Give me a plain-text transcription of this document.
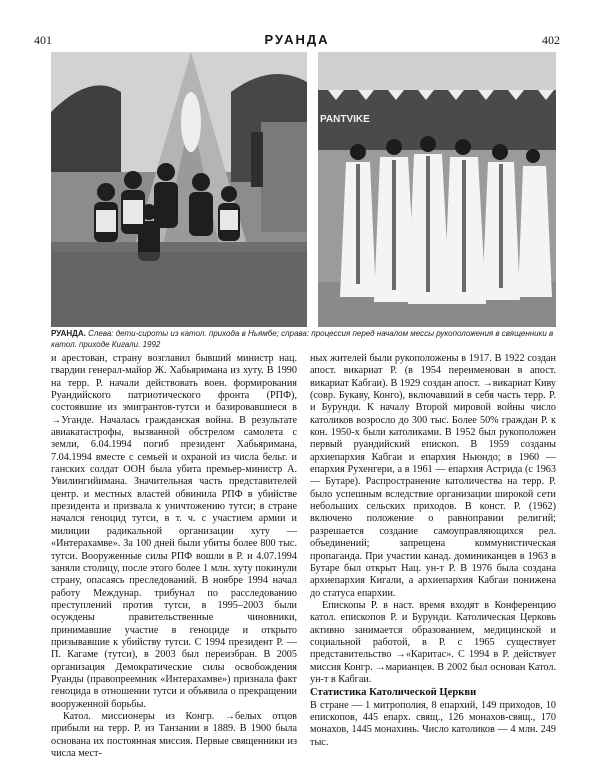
401	РУАНДА	402
PANTVIKE
РУАНДА. Слева: дети-сироты из катол. прихода в Ньямбе; справа: процессия перед началом мессы рукоположения в священники в катол. приходе Кигали. 1992

и арестован, страну возглавил бывший министр нац. гвардии генерал-майор Ж. Хабьяримана из хуту. В 1990 на терр. Р. начали действовать воен. формирования Руандийского патриотического фронта (РПФ), состоявшие из эмигрантов-тутси и базировавшиеся в →Уганде. Началась гражданская война. В результате авиакатастрофы, вызванной обстрелом самолета с земли, 6.04.1994 погиб президент Хабьяримана, 7.04.1994 вместе с семьей и охраной из числа бельг. и ганских солдат ООН была убита премьер-министр А. Увилингийимана. Значительная часть представителей центр. и местных властей обвинила РПФ в убийстве президента и призвала к уничтожению тутси; в стране начался геноцид тутси, в т. ч. с участием армии и милиции радикальной организации хуту — «Интерахамве». За 100 дней были убиты более 800 тыс. тутси. Вооруженные силы РПФ вошли в Р. и 4.07.1994 заняли столицу, после этого более 1 млн. хуту покинули страну, опасаясь преследований. В ноябре 1994 начал работу Междунар. трибунал по расследованию преступлений против тутси, в 1995–2003 были осуждены правительственные чиновники, принимавшие участие в геноциде и открыто призывавшие к убийству тутси. С 1994 президент Р. — П. Кагаме (тутси), в 2003 был переизбран. В 2005 организация Демократические силы освобождения Руанды (правопреемник «Интерахамве») признала факт геноцида в отношении тутси и объявила о прекращении вооруженной борьбы.

Катол. миссионеры из Конгр. →белых отцов прибыли на терр. Р. из Танзании в 1889. В 1900 была основана их постоянная миссия. Первые священники из числа мест-

ных жителей были рукоположены в 1917. В 1922 создан апост. викариат Р. (в 1954 переименован в апост. викариат Кабгаи). В 1929 создан апост. →викариат Киву (совр. Букаву, Конго), включавший в себя часть терр. Р. и Бурунди. К началу Второй мировой войны число католиков возросло до 300 тыс. Более 50% граждан Р. к кон. 1950-х были католиками. В 1952 был рукоположен первый руандийский епископ. В 1959 созданы архиепархия Кабгаи и епархия Ньюндо; в 1960 — епархия Рухенгери, а в 1961 — епархия Астрида (с 1963 — Бутаре). Распространение католичества на терр. Р. было успешным вследствие организации широкой сети небольших сельских приходов. В конст. Р. (1962) включено положение о равноправии религий; разрешается создание самоуправляющихся рел. объединений; запрещена коммунистическая пропаганда. При участии канад. доминиканцев в 1963 в Бутаре был открыт Нац. ун-т Р. В 1976 была создана архиепархия Кигали, а архиепархия Кабгаи понижена до статуса епархии.

Епископы Р. в наст. время входят в Конференцию катол. епископов Р. и Бурунди. Католическая Церковь активно занимается образованием, медицинской и социальной работой, в Р. с 1965 существует представительство →«Каритас». С 1994 в Р. действует миссия Конгр. →марианцев. В 2002 был основан Катол. ун-т в Кабгаи.

Статистика Католической Церкви

В стране — 1 митрополия, 8 епархий, 149 приходов, 10 епископов, 445 епарх. свящ., 126 монахов-свящ., 170 монахов, 1445 монахинь. Число католиков — 4 млн. 249 тыс.
